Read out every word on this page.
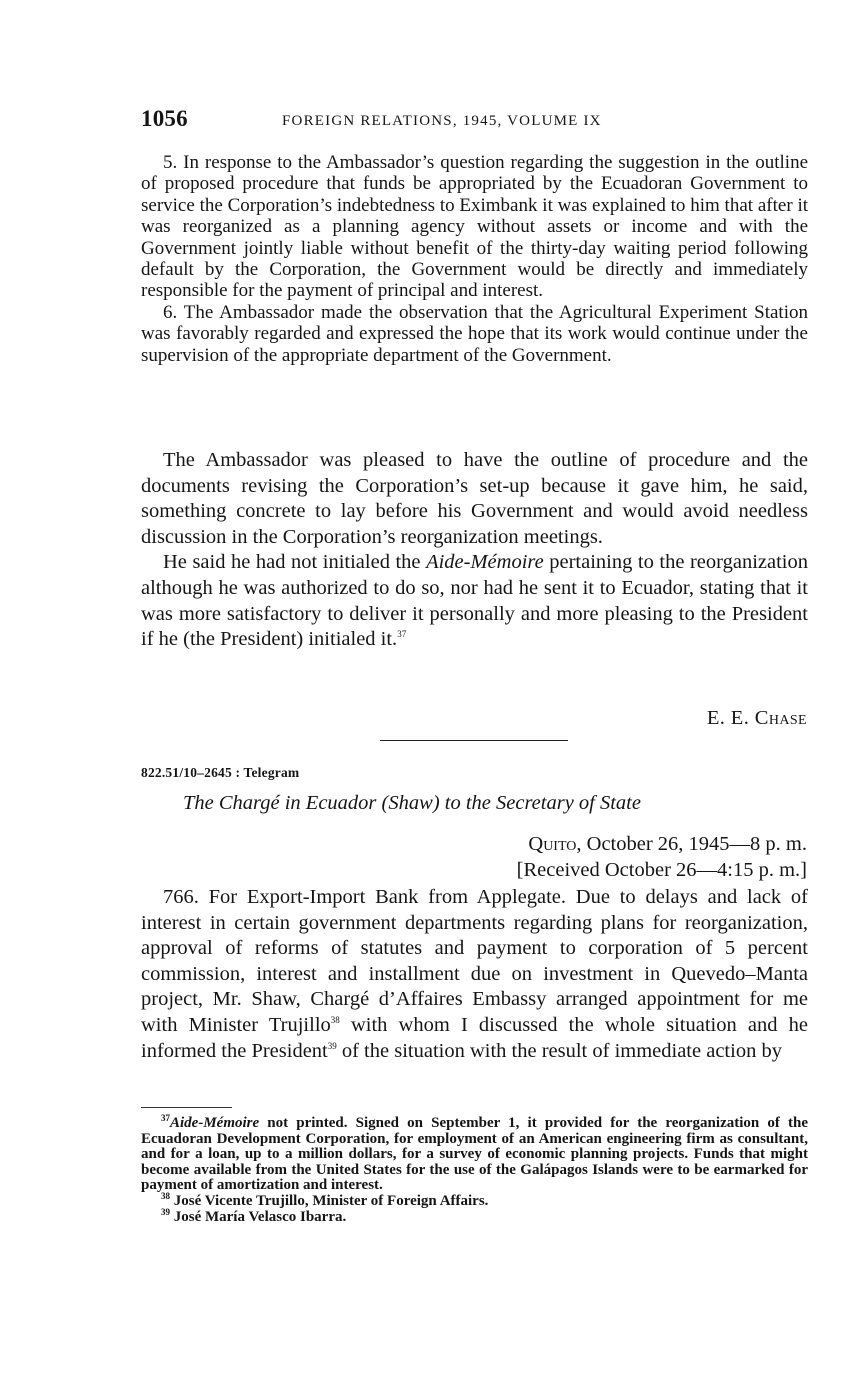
1056	FOREIGN RELATIONS, 1945, VOLUME IX

5. In response to the Ambassador’s question regarding the suggestion in the outline of proposed procedure that funds be appropriated by the Ecuadoran Government to service the Corporation’s indebtedness to Eximbank it was explained to him that after it was reorganized as a planning agency without assets or income and with the Government jointly liable without benefit of the thirty-day waiting period following default by the Corporation, the Government would be directly and immediately responsible for the payment of principal and interest.

6. The Ambassador made the observation that the Agricultural Experiment Station was favorably regarded and expressed the hope that its work would continue under the supervision of the appropriate department of the Government.

The Ambassador was pleased to have the outline of procedure and the documents revising the Corporation’s set-up because it gave him, he said, something concrete to lay before his Government and would avoid needless discussion in the Corporation’s reorganization meetings.

He said he had not initialed the Aide-Mémoire pertaining to the reorganization although he was authorized to do so, nor had he sent it to Ecuador, stating that it was more satisfactory to deliver it personally and more pleasing to the President if he (the President) initialed it.$^{37}$

E. E. Chase
822.51/10–2645 : Telegram
The Chargé in Ecuador (Shaw) to the Secretary of State
Quito, October 26, 1945—8 p. m.
[Received October 26—4:15 p. m.]

766. For Export-Import Bank from Applegate. Due to delays and lack of interest in certain government departments regarding plans for reorganization, approval of reforms of statutes and payment to corporation of 5 percent commission, interest and installment due on investment in Quevedo–Manta project, Mr. Shaw, Chargé d’Affaires Embassy arranged appointment for me with Minister Trujillo$^{38}$ with whom I discussed the whole situation and he informed the President$^{39}$ of the situation with the result of immediate action by

$^{37}$Aide-Mémoire not printed. Signed on September 1, it provided for the reorganization of the Ecuadoran Development Corporation, for employment of an American engineering firm as consultant, and for a loan, up to a million dollars, for a survey of economic planning projects. Funds that might become available from the United States for the use of the Galápagos Islands were to be earmarked for payment of amortization and interest.

$^{38}$ José Vicente Trujillo, Minister of Foreign Affairs.

$^{39}$ José María Velasco Ibarra.
